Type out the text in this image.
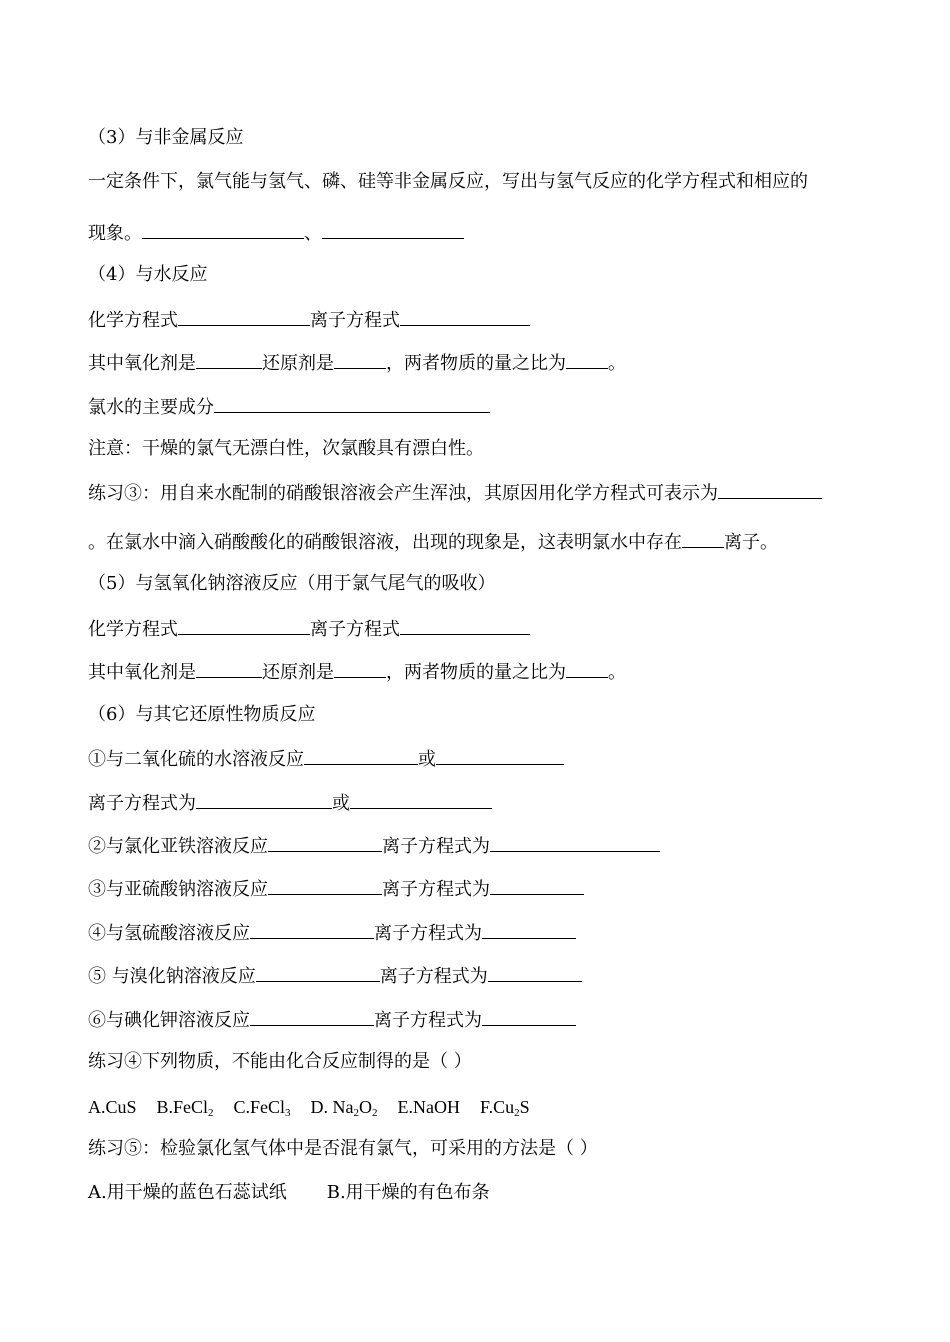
（3）与非金属反应
一定条件下，氯气能与氢气、磷、硅等非金属反应，写出与氢气反应的化学方程式和相应的
现象。	、
（4）与水反应
化学方程式	离子方程式
其中氧化剂是	还原剂是	，两者物质的量之比为 。
氯水的主要成分
注意：干燥的氯气无漂白性，次氯酸具有漂白性。
练习③：用自来水配制的硝酸银溶液会产生浑浊，其原因用化学方程式可表示为
。在氯水中滴入硝酸酸化的硝酸银溶液，出现的现象是，这表明氯水中存在 离子。
（5）与氢氧化钠溶液反应（用于氯气尾气的吸收）
化学方程式	离子方程式
其中氧化剂是	还原剂是	，两者物质的量之比为 。
（6）与其它还原性物质反应
①与二氧化硫的水溶液反应	或
离子方程式为	或
②与氯化亚铁溶液反应	离子方程式为
③与亚硫酸钠溶液反应	离子方程式为
④与氢硫酸溶液反应	离子方程式为
⑤ 与溴化钠溶液反应	离子方程式为
⑥与碘化钾溶液反应	离子方程式为
练习④下列物质，不能由化合反应制得的是（ ）
A.CuS B.FeCl$_2$ C.FeCl$_3$ D. $Na_2O_2$ E.NaOH $F.Cu_2S$
练习⑤：检验氯化氢气体中是否混有氯气，可采用的方法是（ ）
A.用干燥的蓝色石蕊试纸 B.用干燥的有色布条
